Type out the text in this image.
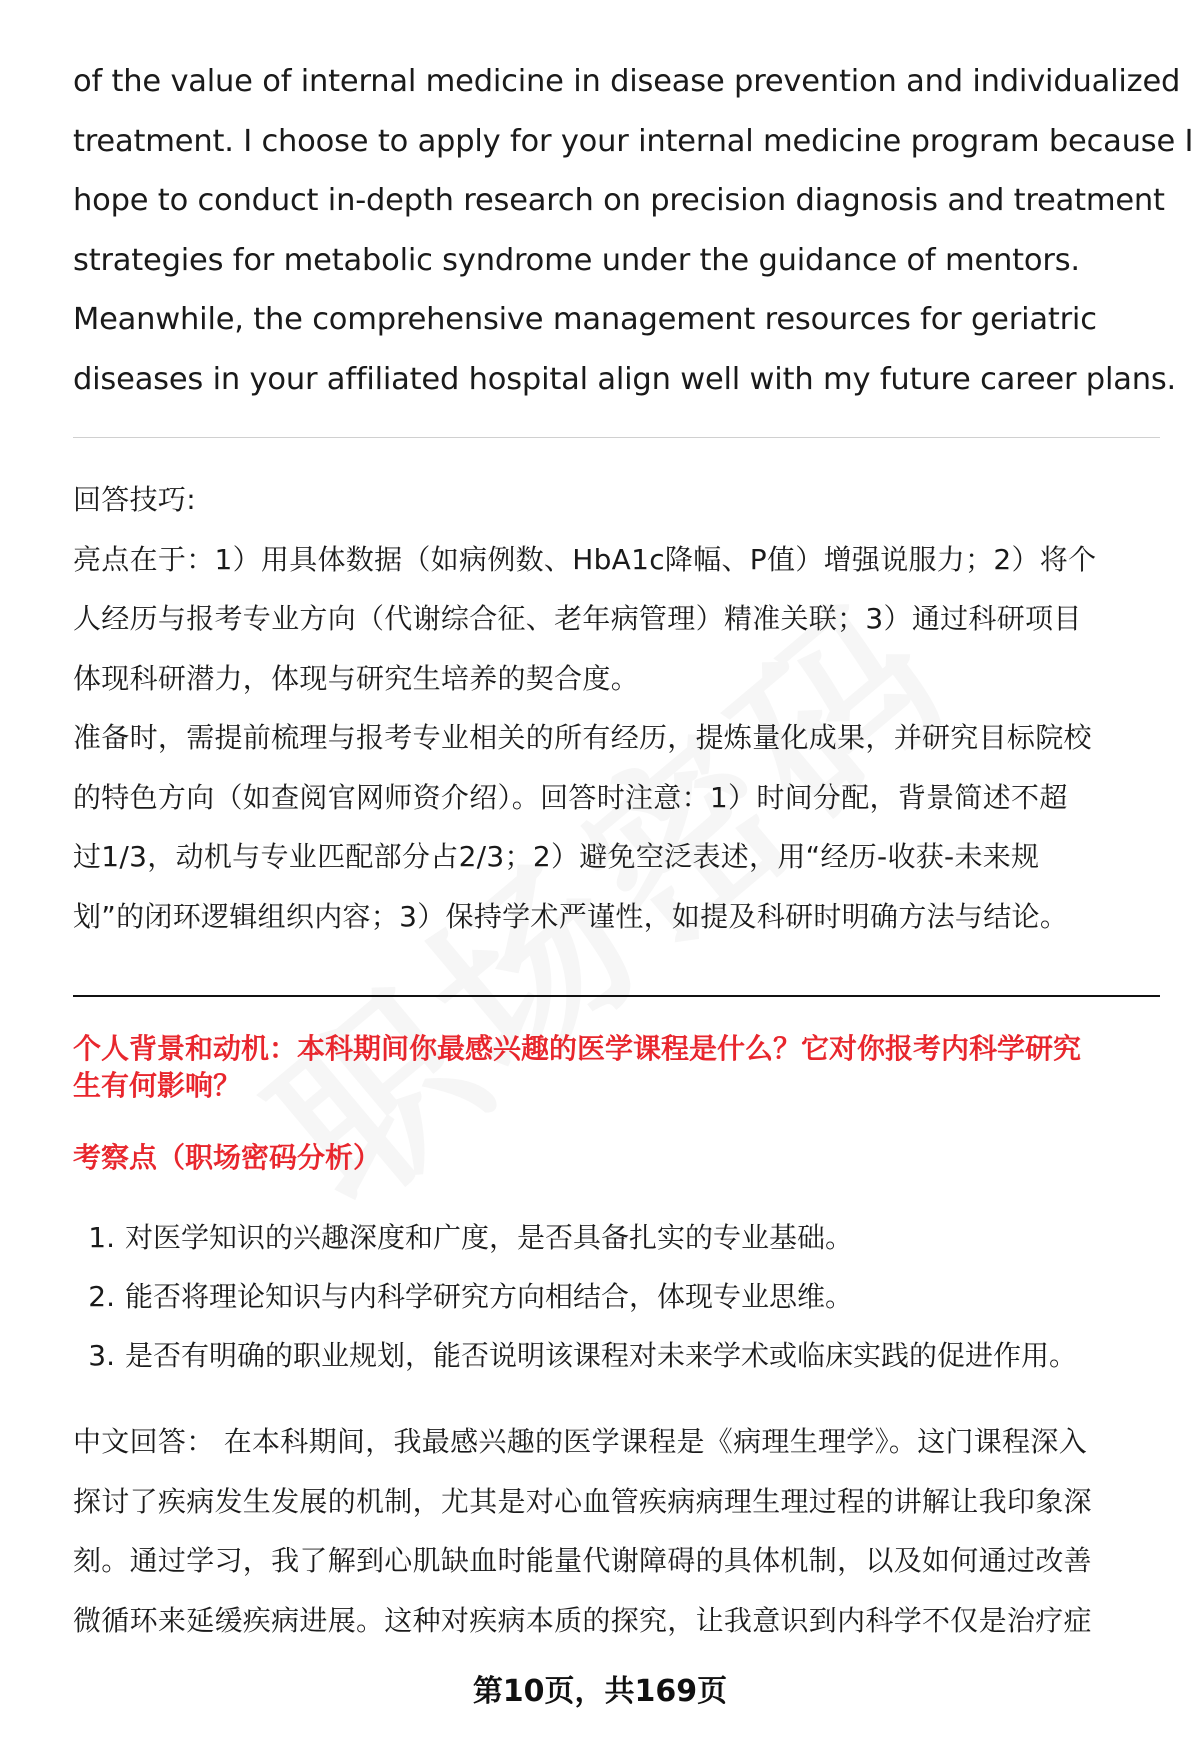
of the value of internal medicine in disease prevention and individualized
treatment. I choose to apply for your internal medicine program because I
hope to conduct in-depth research on precision diagnosis and treatment
strategies for metabolic syndrome under the guidance of mentors.
Meanwhile, the comprehensive management resources for geriatric
diseases in your affiliated hospital align well with my future career plans.

回答技巧:
亮点在于：1）用具体数据（如病例数、HbA1c降幅、P值）增强说服力；2）将个
人经历与报考专业方向（代谢综合征、老年病管理）精准关联；3）通过科研项目
体现科研潜力，体现与研究生培养的契合度。
准备时，需提前梳理与报考专业相关的所有经历，提炼量化成果，并研究目标院校
的特色方向（如查阅官网师资介绍）。回答时注意：1）时间分配，背景简述不超
过1/3，动机与专业匹配部分占2/3；2）避免空泛表述，用“经历-收获-未来规
划”的闭环逻辑组织内容；3）保持学术严谨性，如提及科研时明确方法与结论。
个人背景和动机：本科期间你最感兴趣的医学课程是什么？它对你报考内科学研究
生有何影响？
考察点（职场密码分析）
1. 对医学知识的兴趣深度和广度，是否具备扎实的专业基础。
2. 能否将理论知识与内科学研究方向相结合，体现专业思维。
3. 是否有明确的职业规划，能否说明该课程对未来学术或临床实践的促进作用。
中文回答： 在本科期间，我最感兴趣的医学课程是《病理生理学》。这门课程深入
探讨了疾病发生发展的机制，尤其是对心血管疾病病理生理过程的讲解让我印象深
刻。通过学习，我了解到心肌缺血时能量代谢障碍的具体机制，以及如何通过改善
微循环来延缓疾病进展。这种对疾病本质的探究，让我意识到内科学不仅是治疗症
第10页，共169页
